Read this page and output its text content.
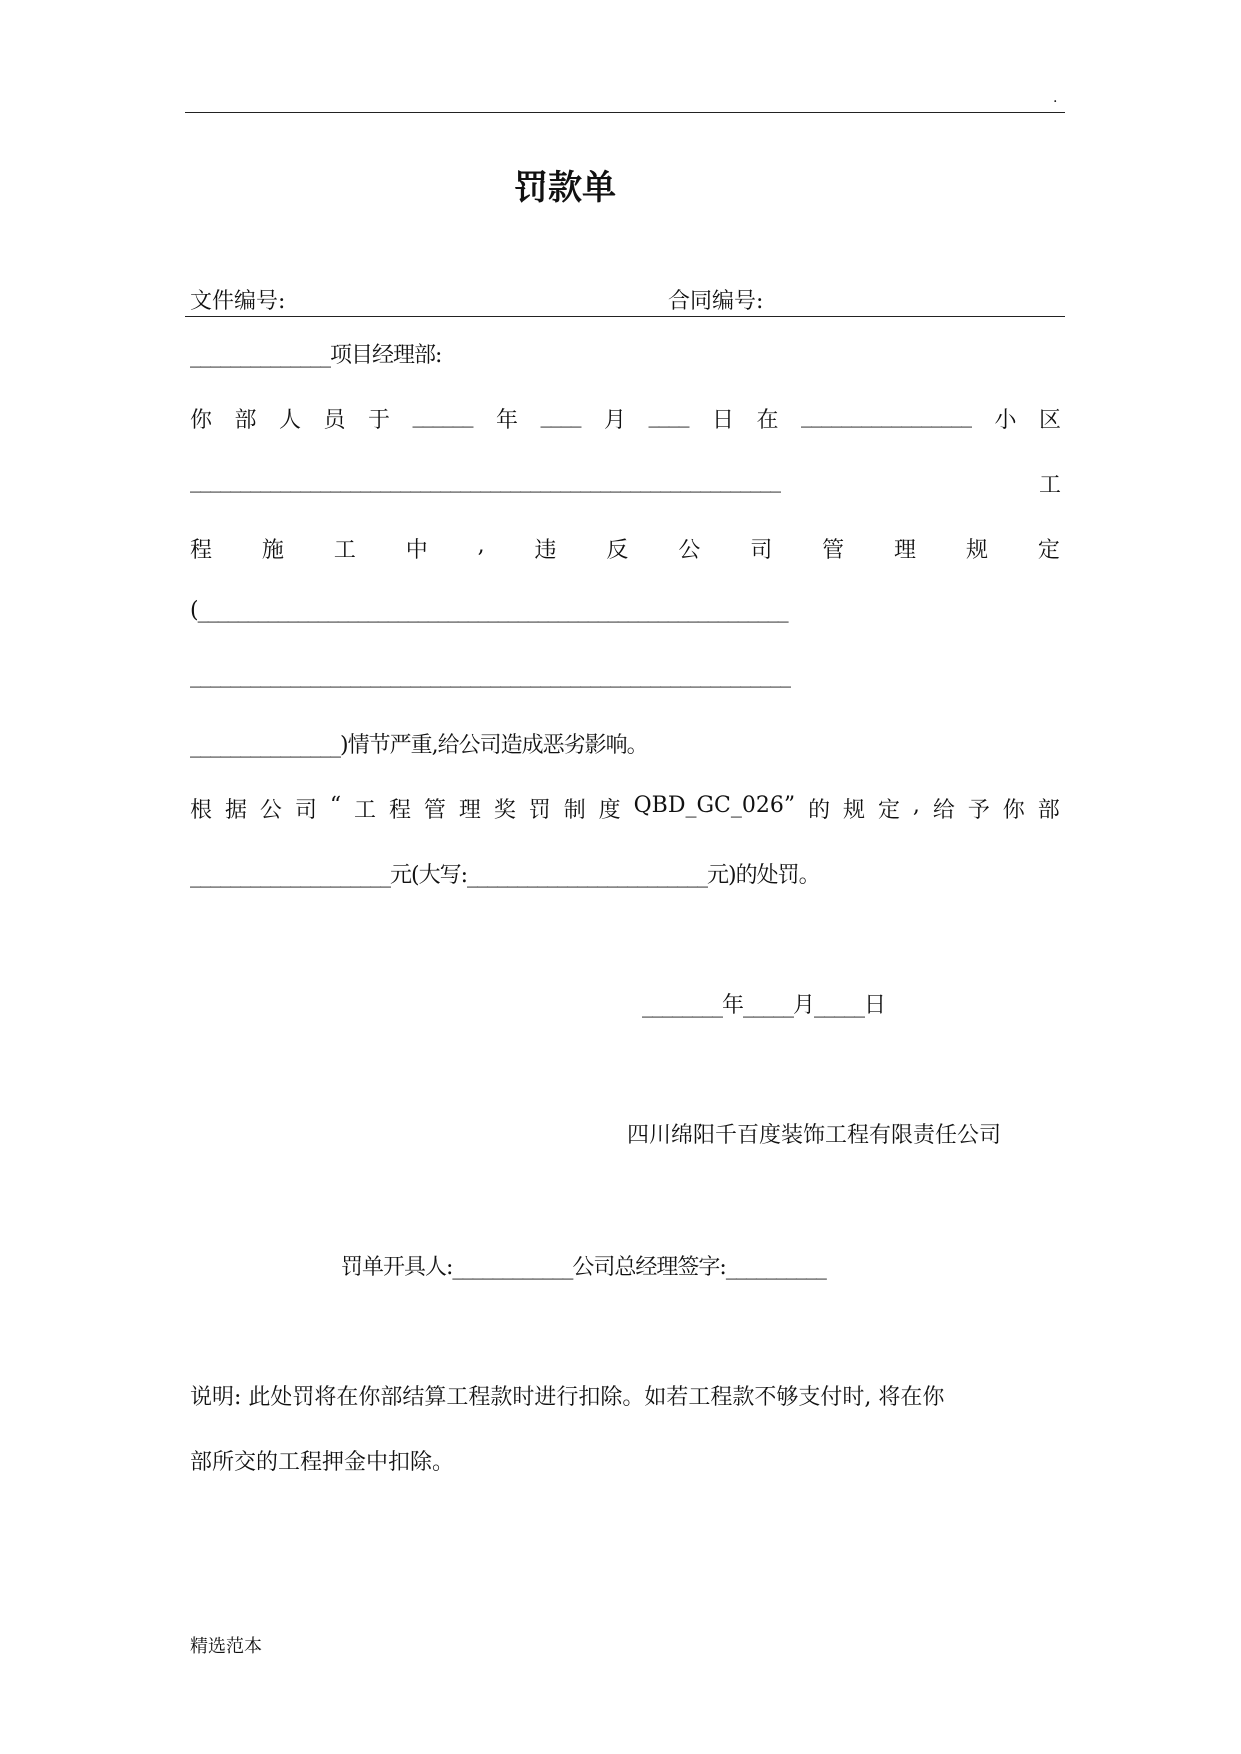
.
罚款单
文件编号:	合同编号:
______________项目经理部:
你 部 人 员 于 ______ 年 ____ 月 ____ 日 在 _________________ 小 区
___________________________________________________________	工
程 施 工 中 , 违 反 公 司 管 理 规 定
(___________________________________________________________
____________________________________________________________
_______________)情节严重,给公司造成恶劣影响。
根 据 公 司 “ 工 程 管 理 奖 罚 制 度 QBD_GC_026” 的 规 定 , 给 予 你 部
____________________元(大写:________________________元)的处罚。
________年_____月_____日
四川绵阳千百度装饰工程有限责任公司
罚单开具人:____________公司总经理签字:__________
说明: 此处罚将在你部结算工程款时进行扣除。如若工程款不够支付时, 将在你
部所交的工程押金中扣除。
精选范本
